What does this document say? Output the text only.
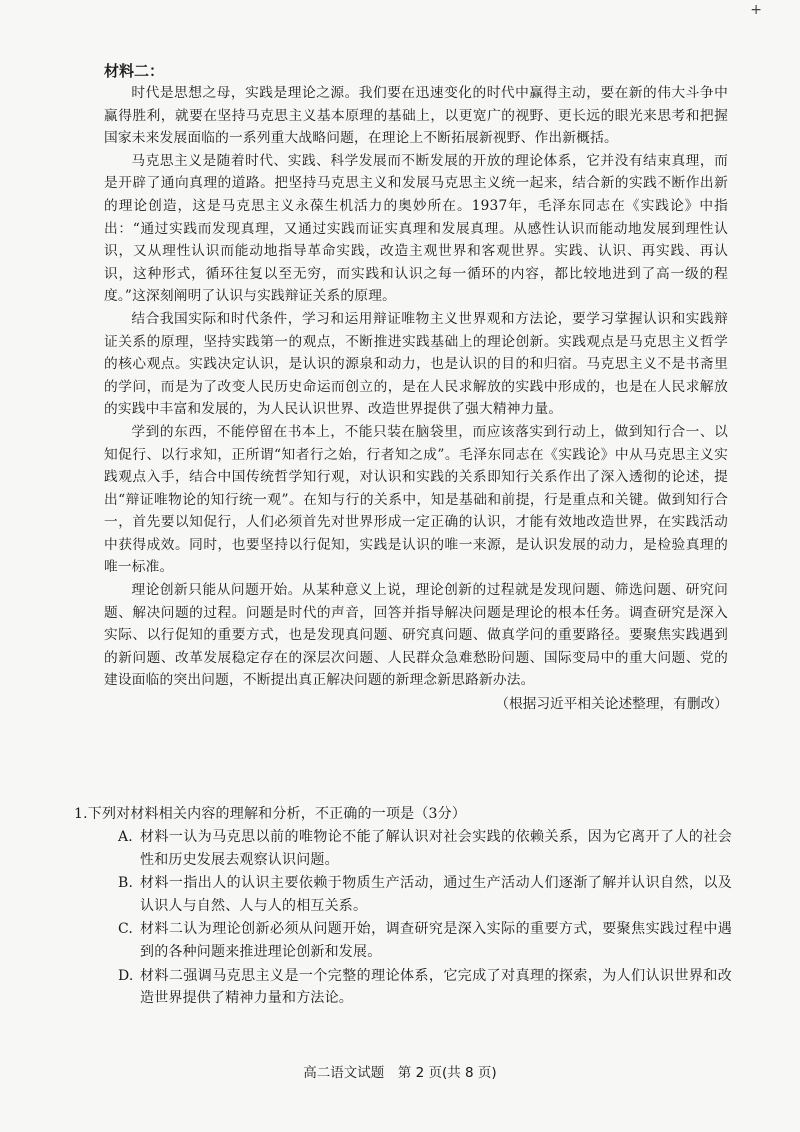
+
材料二：

时代是思想之母，实践是理论之源。我们要在迅速变化的时代中赢得主动，要在新的伟大斗争中赢得胜利，就要在坚持马克思主义基本原理的基础上，以更宽广的视野、更长远的眼光来思考和把握国家未来发展面临的一系列重大战略问题，在理论上不断拓展新视野、作出新概括。

马克思主义是随着时代、实践、科学发展而不断发展的开放的理论体系，它并没有结束真理，而是开辟了通向真理的道路。把坚持马克思主义和发展马克思主义统一起来，结合新的实践不断作出新的理论创造，这是马克思主义永葆生机活力的奥妙所在。1937年，毛泽东同志在《实践论》中指出：“通过实践而发现真理，又通过实践而证实真理和发展真理。从感性认识而能动地发展到理性认识，又从理性认识而能动地指导革命实践，改造主观世界和客观世界。实践、认识、再实践、再认识，这种形式，循环往复以至无穷，而实践和认识之每一循环的内容，都比较地进到了高一级的程度。”这深刻阐明了认识与实践辩证关系的原理。

结合我国实际和时代条件，学习和运用辩证唯物主义世界观和方法论，要学习掌握认识和实践辩证关系的原理，坚持实践第一的观点，不断推进实践基础上的理论创新。实践观点是马克思主义哲学的核心观点。实践决定认识，是认识的源泉和动力，也是认识的目的和归宿。马克思主义不是书斋里的学问，而是为了改变人民历史命运而创立的，是在人民求解放的实践中形成的，也是在人民求解放的实践中丰富和发展的，为人民认识世界、改造世界提供了强大精神力量。

学到的东西，不能停留在书本上，不能只装在脑袋里，而应该落实到行动上，做到知行合一、以知促行、以行求知，正所谓“知者行之始，行者知之成”。毛泽东同志在《实践论》中从马克思主义实践观点入手，结合中国传统哲学知行观，对认识和实践的关系即知行关系作出了深入透彻的论述，提出“辩证唯物论的知行统一观”。在知与行的关系中，知是基础和前提，行是重点和关键。做到知行合一，首先要以知促行，人们必须首先对世界形成一定正确的认识，才能有效地改造世界，在实践活动中获得成效。同时，也要坚持以行促知，实践是认识的唯一来源，是认识发展的动力，是检验真理的唯一标准。

理论创新只能从问题开始。从某种意义上说，理论创新的过程就是发现问题、筛选问题、研究问题、解决问题的过程。问题是时代的声音，回答并指导解决问题是理论的根本任务。调查研究是深入实际、以行促知的重要方式，也是发现真问题、研究真问题、做真学问的重要路径。要聚焦实践遇到的新问题、改革发展稳定存在的深层次问题、人民群众急难愁盼问题、国际变局中的重大问题、党的建设面临的突出问题，不断提出真正解决问题的新理念新思路新办法。

（根据习近平相关论述整理，有删改）

1.下列对材料相关内容的理解和分析，不正确的一项是（3分）

A. 材料一认为马克思以前的唯物论不能了解认识对社会实践的依赖关系，因为它离开了人的社会性和历史发展去观察认识问题。
B. 材料一指出人的认识主要依赖于物质生产活动，通过生产活动人们逐渐了解并认识自然，以及认识人与自然、人与人的相互关系。
C. 材料二认为理论创新必须从问题开始，调查研究是深入实际的重要方式，要聚焦实践过程中遇到的各种问题来推进理论创新和发展。
D. 材料二强调马克思主义是一个完整的理论体系，它完成了对真理的探索，为人们认识世界和改造世界提供了精神力量和方法论。
高二语文试题　第 2 页(共 8 页)
